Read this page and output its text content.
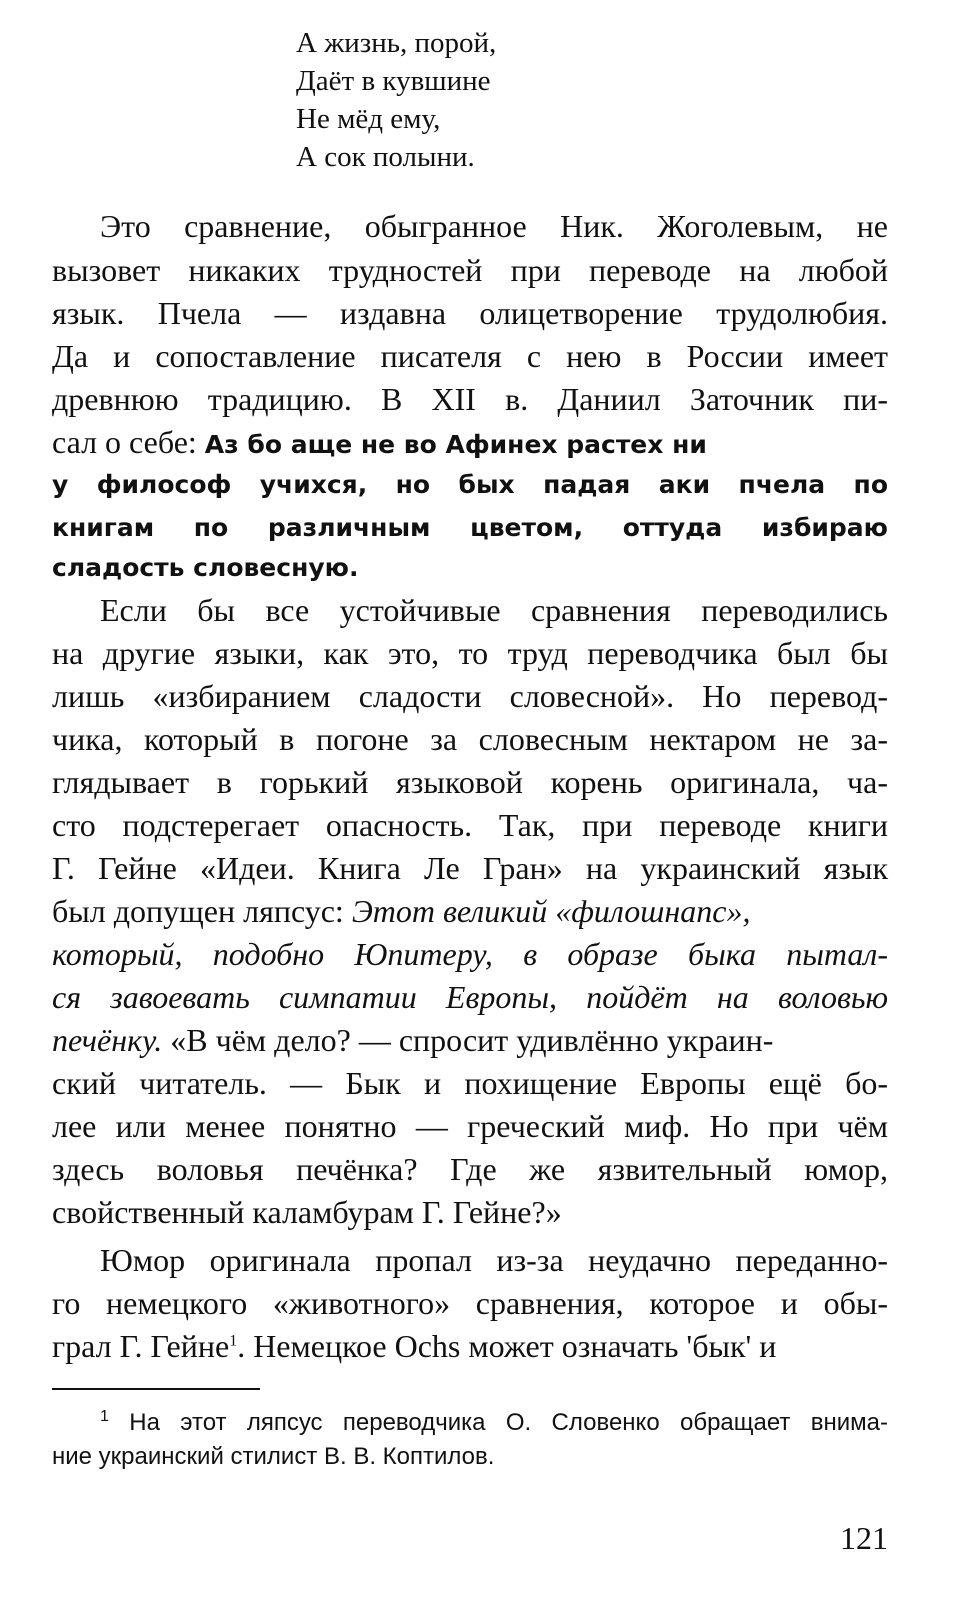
А жизнь, порой,
Даёт в кувшине
Не мёд ему,
А сок полыни.
Это сравнение, обыгранное Ник. Жоголевым, не
вызовет никаких трудностей при переводе на любой
язык. Пчела — издавна олицетворение трудолюбия.
Да и сопоставление писателя с нею в России имеет
древнюю традицию. В XII в. Даниил Заточник пи-
сал о себе: Аз бо аще не во Афинех растех ни
у философ учихся, но бых падая аки пчела по
книгам по различным цветом, оттуда избираю
сладость словесную.
Если бы все устойчивые сравнения переводились
на другие языки, как это, то труд переводчика был бы
лишь «избиранием сладости словесной». Но перевод-
чика, который в погоне за словесным нектаром не за-
глядывает в горький языковой корень оригинала, ча-
сто подстерегает опасность. Так, при переводе книги
Г. Гейне «Идеи. Книга Ле Гран» на украинский язык
был допущен ляпсус: Этот великий «филошнапс»,
который, подобно Юпитеру, в образе быка пытал-
ся завоевать симпатии Европы, пойдёт на воловью
печёнку. «В чём дело? — спросит удивлённо украин-
ский читатель. — Бык и похищение Европы ещё бо-
лее или менее понятно — греческий миф. Но при чём
здесь воловья печёнка? Где же язвительный юмор,
свойственный каламбурам Г. Гейне?»
Юмор оригинала пропал из-за неудачно переданно-
го немецкого «животного» сравнения, которое и обы-
грал Г. Гейне$^1$. Немецкое Ochs может означать 'бык' и
$^1$ На этот ляпсус переводчика О. Словенко обращает внима-
ние украинский стилист В. В. Коптилов.
121
